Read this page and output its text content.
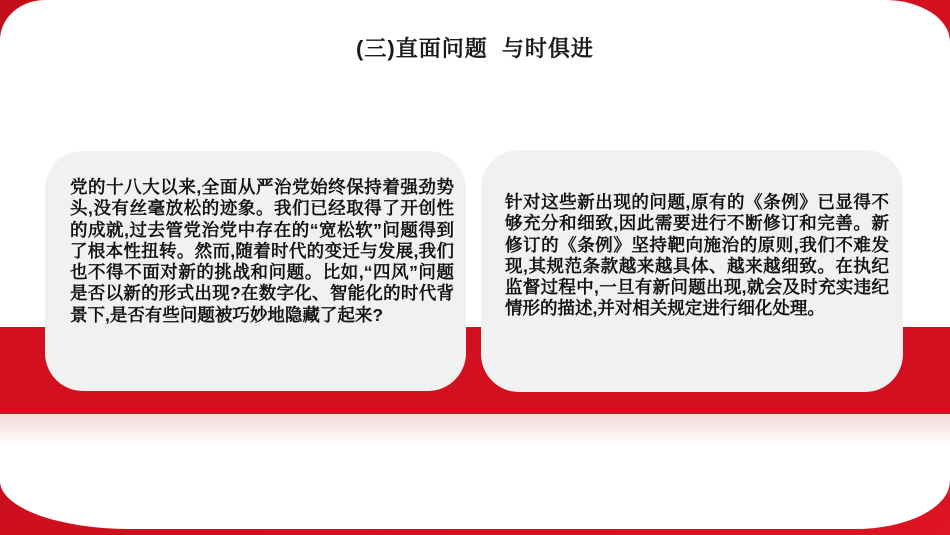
(三)直面问题  与时俱进

党的十八大以来,全面从严治党始终保持着强劲势头,没有丝毫放松的迹象。我们已经取得了开创性的成就,过去管党治党中存在的“宽松软”问题得到了根本性扭转。然而,随着时代的变迁与发展,我们也不得不面对新的挑战和问题。比如,“四风”问题是否以新的形式出现?在数字化、智能化的时代背景下,是否有些问题被巧妙地隐藏了起来?

针对这些新出现的问题,原有的《条例》已显得不够充分和细致,因此需要进行不断修订和完善。新修订的《条例》坚持靶向施治的原则,我们不难发现,其规范条款越来越具体、越来越细致。在执纪监督过程中,一旦有新问题出现,就会及时充实违纪情形的描述,并对相关规定进行细化处理。
